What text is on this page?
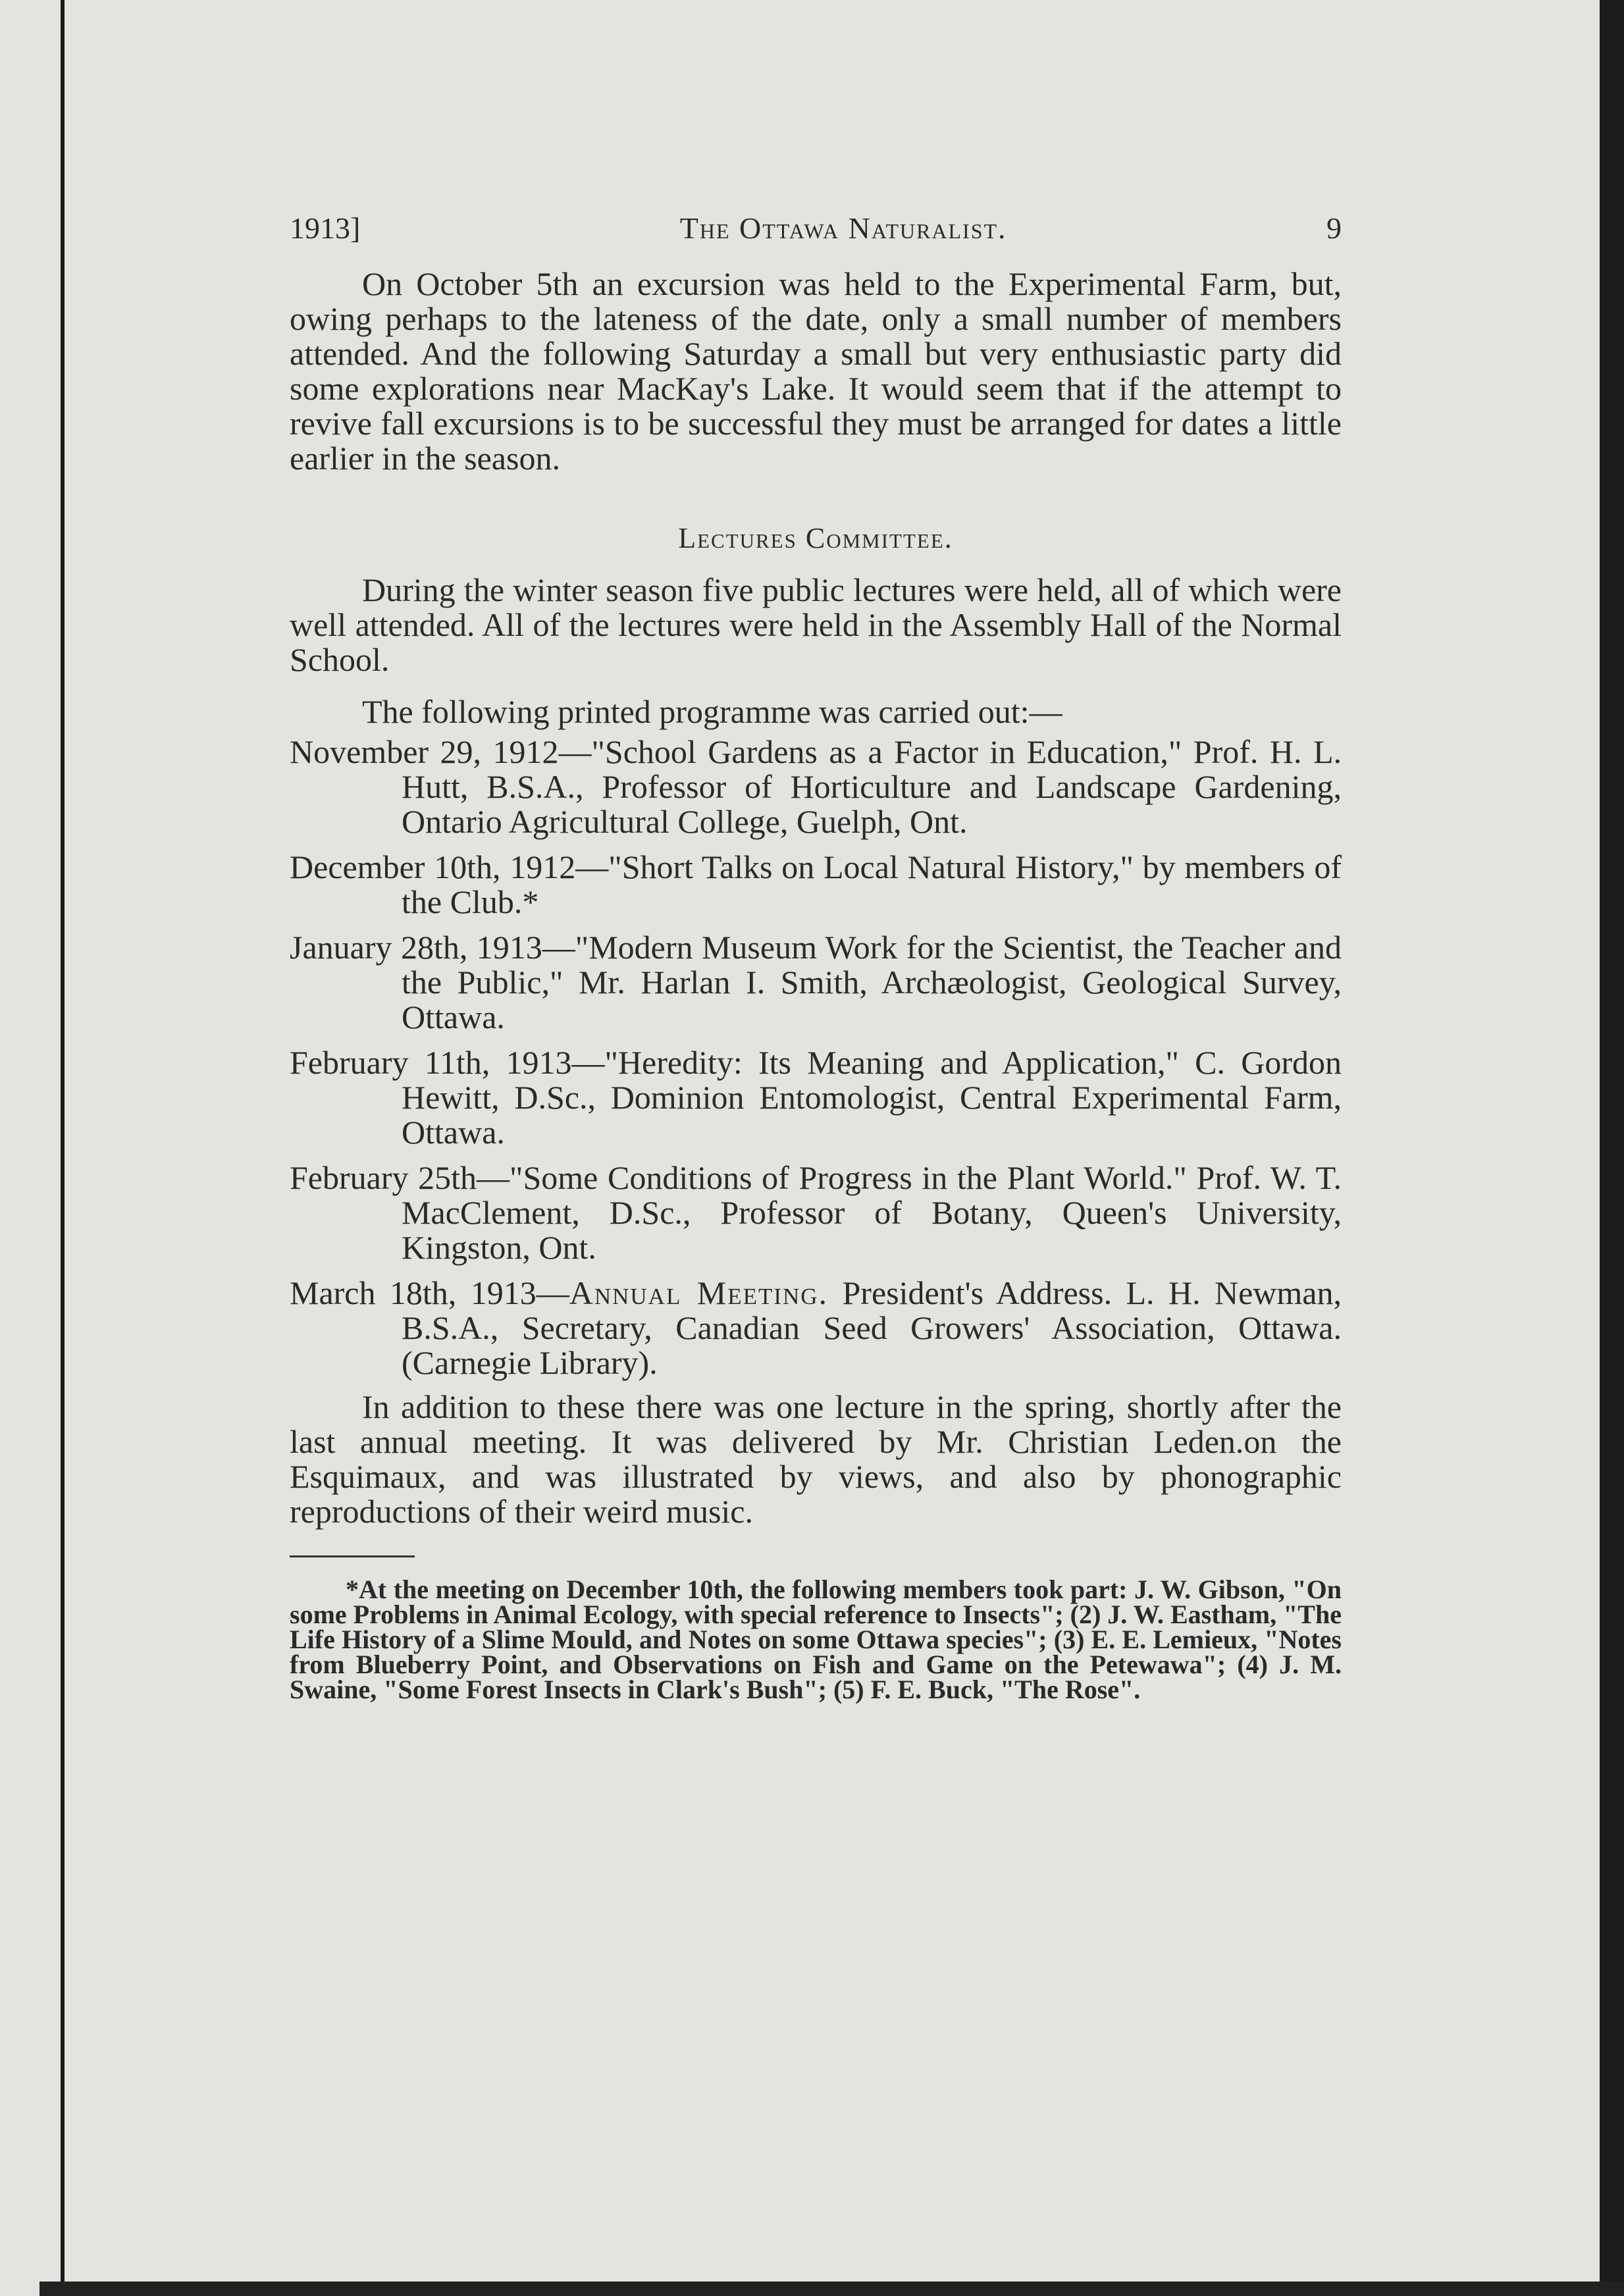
1913]	The Ottawa Naturalist.	9

On October 5th an excursion was held to the Experimental Farm, but, owing perhaps to the lateness of the date, only a small number of members attended. And the following Saturday a small but very enthusiastic party did some explorations near MacKay's Lake. It would seem that if the attempt to revive fall excursions is to be successful they must be arranged for dates a little earlier in the season.

Lectures Committee.

During the winter season five public lectures were held, all of which were well attended. All of the lectures were held in the Assembly Hall of the Normal School.

The following printed programme was carried out:—

November 29, 1912—"School Gardens as a Factor in Education," Prof. H. L. Hutt, B.S.A., Professor of Horticulture and Landscape Gardening, Ontario Agricultural College, Guelph, Ont.
December 10th, 1912—"Short Talks on Local Natural History," by members of the Club.*
January 28th, 1913—"Modern Museum Work for the Scientist, the Teacher and the Public," Mr. Harlan I. Smith, Archæologist, Geological Survey, Ottawa.
February 11th, 1913—"Heredity: Its Meaning and Application," C. Gordon Hewitt, D.Sc., Dominion Entomologist, Central Experimental Farm, Ottawa.
February 25th—"Some Conditions of Progress in the Plant World." Prof. W. T. MacClement, D.Sc., Professor of Botany, Queen's University, Kingston, Ont.
March 18th, 1913—Annual Meeting. President's Address. L. H. Newman, B.S.A., Secretary, Canadian Seed Growers' Association, Ottawa. (Carnegie Library).

In addition to these there was one lecture in the spring, shortly after the last annual meeting. It was delivered by Mr. Christian Leden.on the Esquimaux, and was illustrated by views, and also by phonographic reproductions of their weird music.

*At the meeting on December 10th, the following members took part: J. W. Gibson, "On some Problems in Animal Ecology, with special reference to Insects"; (2) J. W. Eastham, "The Life History of a Slime Mould, and Notes on some Ottawa species"; (3) E. E. Lemieux, "Notes from Blueberry Point, and Observations on Fish and Game on the Petewawa"; (4) J. M. Swaine, "Some Forest Insects in Clark's Bush"; (5) F. E. Buck, "The Rose".
